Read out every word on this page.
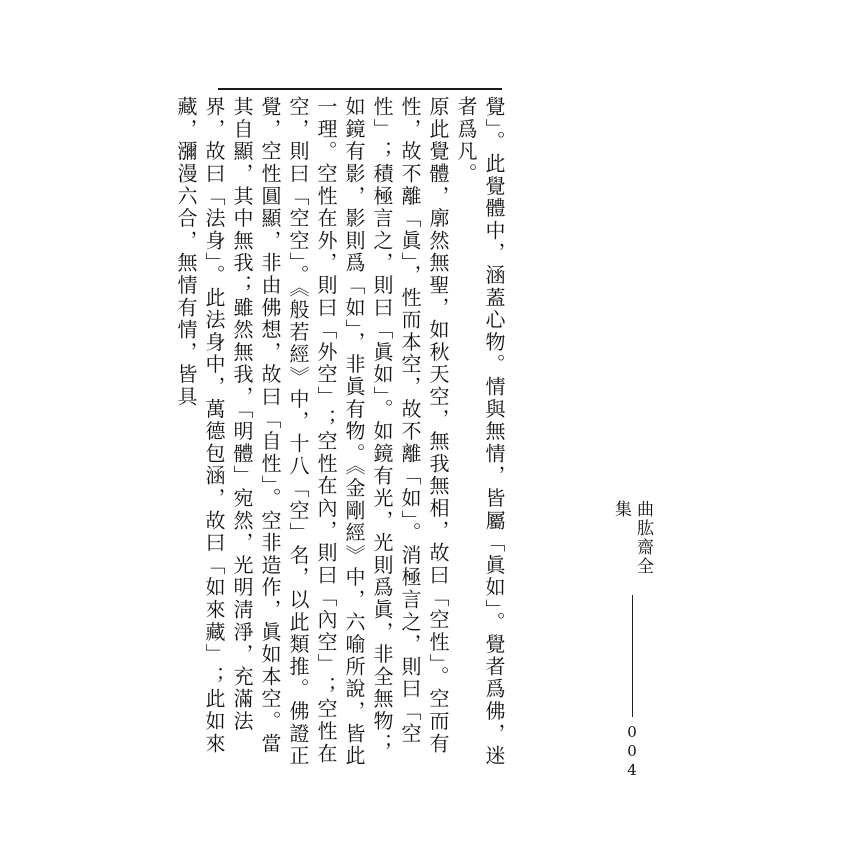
覺」。此覺體中，涵蓋心物。情與無情，皆屬「眞如」。覺者爲佛，迷者爲凡。

原此覺體，廓然無聖，如秋天空，無我無相，故曰「空性」。空而有性，故不離「眞」，性而本空，故不離「如」。消極言之，則曰「空性」；積極言之，則曰「眞如」。如鏡有光，光則爲眞，非全無物；如鏡有影，影則爲「如」，非眞有物。《金剛經》中，六喻所說，皆此一理。空性在外，則曰「外空」；空性在內，則曰「內空」；空性在空，則曰「空空」。《般若經》中，十八「空」名，以此類推。佛證正覺，空性圓顯，非由佛想，故曰「自性」。空非造作，眞如本空。當其自顯，其中無我；雖然無我，「明體」宛然，光明淸淨，充滿法界，故曰「法身」。此法身中，萬德包涵，故曰「如來藏」；此如來藏，瀰漫六合，無情有情，皆具

曲肱齋全集
004
